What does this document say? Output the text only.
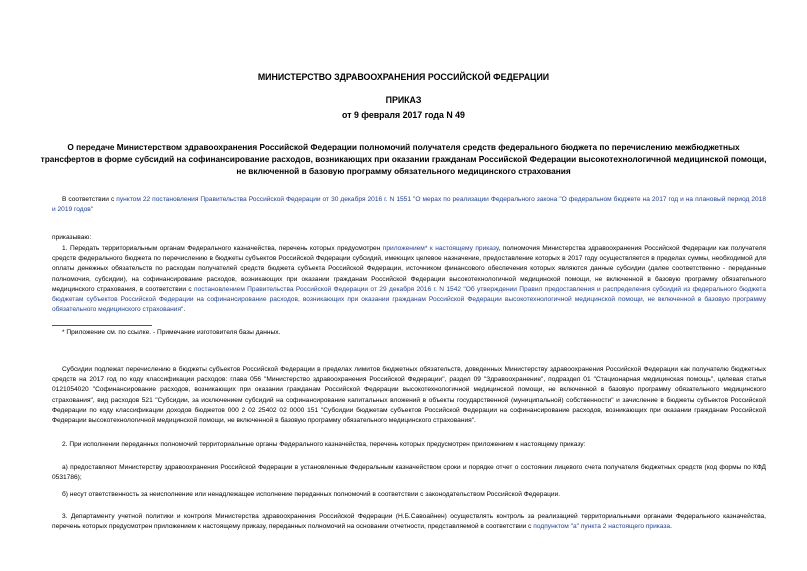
МИНИСТЕРСТВО ЗДРАВООХРАНЕНИЯ РОССИЙСКОЙ ФЕДЕРАЦИИ
ПРИКАЗ
от 9 февраля 2017 года N 49
О передаче Министерством здравоохранения Российской Федерации полномочий получателя средств федерального бюджета по перечислению межбюджетных трансфертов в форме субсидий на софинансирование расходов, возникающих при оказании гражданам Российской Федерации высокотехнологичной медицинской помощи, не включенной в базовую программу обязательного медицинского страхования
В соответствии с пунктом 22 постановления Правительства Российской Федерации от 30 декабря 2016 г. N 1551 "О мерах по реализации Федерального закона "О федеральном бюджете на 2017 год и на плановый период 2018 и 2019 годов"
приказываю:
1. Передать территориальным органам Федерального казначейства, перечень которых предусмотрен приложением* к настоящему приказу, полномочия Министерства здравоохранения Российской Федерации как получателя средств федерального бюджета по перечислению в бюджеты субъектов Российской Федерации субсидий, имеющих целевое назначение, предоставление которых в 2017 году осуществляется в пределах суммы, необходимой для оплаты денежных обязательств по расходам получателей средств бюджета субъекта Российской Федерации, источником финансового обеспечения которых являются данные субсидии (далее соответственно - переданные полномочия, субсидии), на софинансирование расходов, возникающих при оказании гражданам Российской Федерации высокотехнологичной медицинской помощи, не включенной в базовую программу обязательного медицинского страхования, в соответствии с постановлением Правительства Российской Федерации от 29 декабря 2016 г. N 1542 "Об утверждении Правил предоставления и распределения субсидий из федерального бюджета бюджетам субъектов Российской Федерации на софинансирование расходов, возникающих при оказании гражданам Российской Федерации высокотехнологичной медицинской помощи, не включенной в базовую программу обязательного медицинского страхования".
* Приложение см. по ссылке. - Примечание изготовителя базы данных.
Субсидии подлежат перечислению в бюджеты субъектов Российской Федерации в пределах лимитов бюджетных обязательств, доведенных Министерству здравоохранения Российской Федерации как получателю бюджетных средств на 2017 год по коду классификации расходов: глава 056 "Министерство здравоохранения Российской Федерации", раздел 09 "Здравоохранение", подраздел 01 "Стационарная медицинская помощь", целевая статья 0121054020 "Софинансирование расходов, возникающих при оказании гражданам Российской Федерации высокотехнологичной медицинской помощи, не включенной в базовую программу обязательного медицинского страхования", вид расходов 521 "Субсидии, за исключением субсидий на софинансирование капитальных вложений в объекты государственной (муниципальной) собственности" и зачисление в бюджеты субъектов Российской Федерации по коду классификации доходов бюджетов 000 2 02 25402 02 0000 151 "Субсидии бюджетам субъектов Российской Федерации на софинансирование расходов, возникающих при оказании гражданам Российской Федерации высокотехнологичной медицинской помощи, не включенной в базовую программу обязательного медицинского страхования".
2. При исполнении переданных полномочий территориальные органы Федерального казначейства, перечень которых предусмотрен приложением к настоящему приказу:
а) предоставляют Министерству здравоохранения Российской Федерации в установленные Федеральным казначейством сроки и порядке отчет о состоянии лицевого счета получателя бюджетных средств (код формы по КФД 0531786);
б) несут ответственность за неисполнение или ненадлежащее исполнение переданных полномочий в соответствии с законодательством Российской Федерации.
3. Департаменту учетной политики и контроля Министерства здравоохранения Российской Федерации (Н.Б.Савоайнен) осуществлять контроль за реализацией территориальными органами Федерального казначейства, перечень которых предусмотрен приложением к настоящему приказу, переданных полномочий на основании отчетности, представляемой в соответствии с подпунктом "а" пункта 2 настоящего приказа.
